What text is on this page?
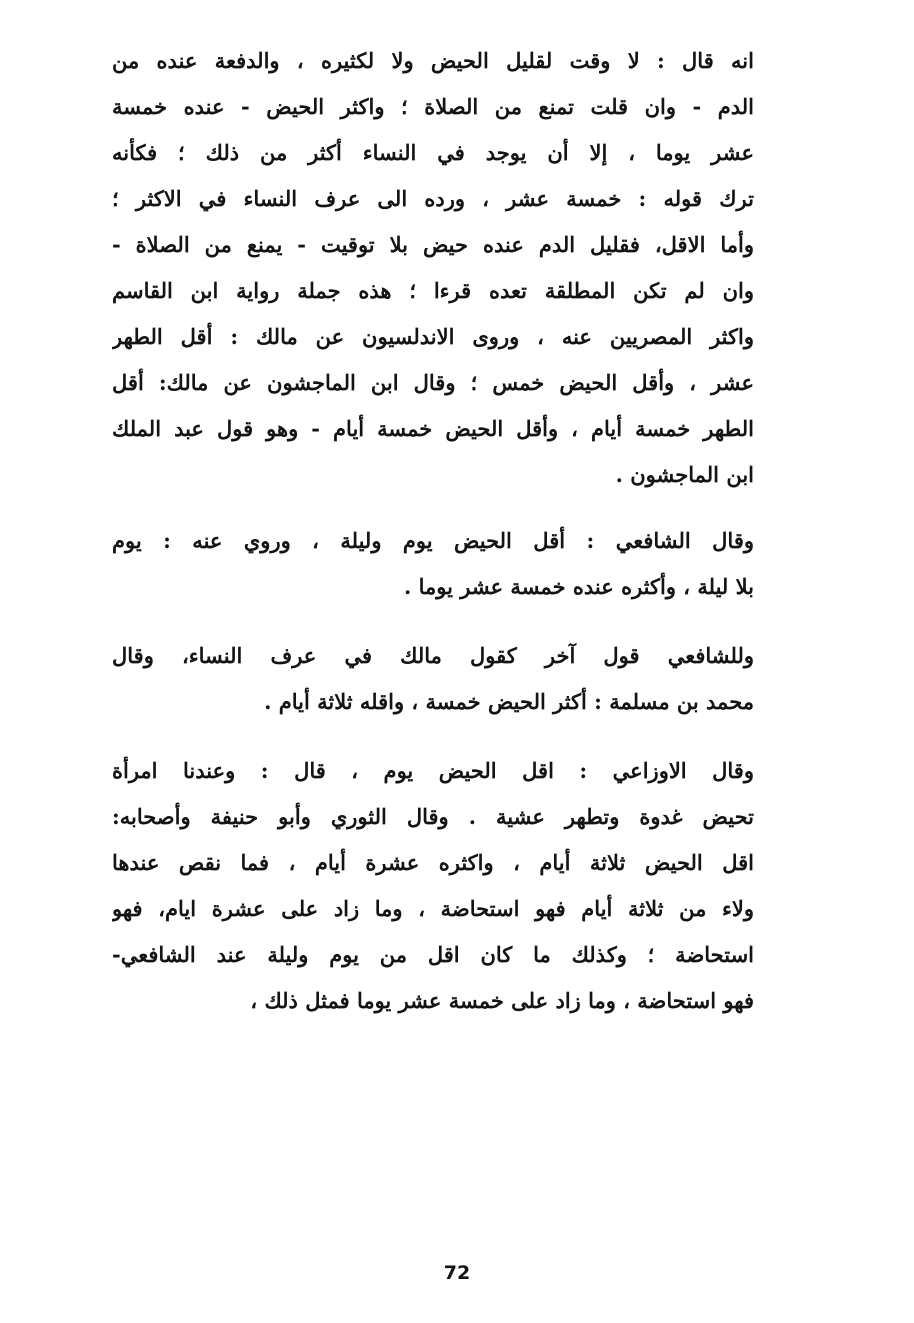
انه قال : لا وقت لقليل الحيض ولا لكثيره ، والدفعة عنده من
الدم - وان قلت تمنع من الصلاة ؛ واكثر الحيض - عنده خمسة
عشر يوما ، إلا أن يوجد في النساء أكثر من ذلك ؛ فكأنه
ترك قوله : خمسة عشر ، ورده الى عرف النساء في الاكثر ؛
وأما الاقل، فقليل الدم عنده حيض بلا توقيت - يمنع من الصلاة -
وان لم تكن المطلقة تعده قرءا ؛ هذه جملة رواية ابن القاسم
واكثر المصريين عنه ، وروى الاندلسيون عن مالك : أقل الطهر
عشر ، وأقل الحيض خمس ؛ وقال ابن الماجشون عن مالك: أقل
الطهر خمسة أيام ، وأقل الحيض خمسة أيام - وهو قول عبد الملك
ابن الماجشون .
وقال الشافعي : أقل الحيض يوم وليلة ، وروي عنه : يوم
بلا ليلة ، وأكثره عنده خمسة عشر يوما .
وللشافعي قول آخر كقول مالك في عرف النساء، وقال
محمد بن مسلمة : أكثر الحيض خمسة ، واقله ثلاثة أيام .
وقال الاوزاعي : اقل الحيض يوم ، قال : وعندنا امرأة
تحيض غدوة وتطهر عشية . وقال الثوري وأبو حنيفة وأصحابه:
اقل الحيض ثلاثة أيام ، واكثره عشرة أيام ، فما نقص عندها
ولاء من ثلاثة أيام فهو استحاضة ، وما زاد على عشرة ايام، فهو
استحاضة ؛ وكذلك ما كان اقل من يوم وليلة عند الشافعي-
فهو استحاضة ، وما زاد على خمسة عشر يوما فمثل ذلك ،
72
